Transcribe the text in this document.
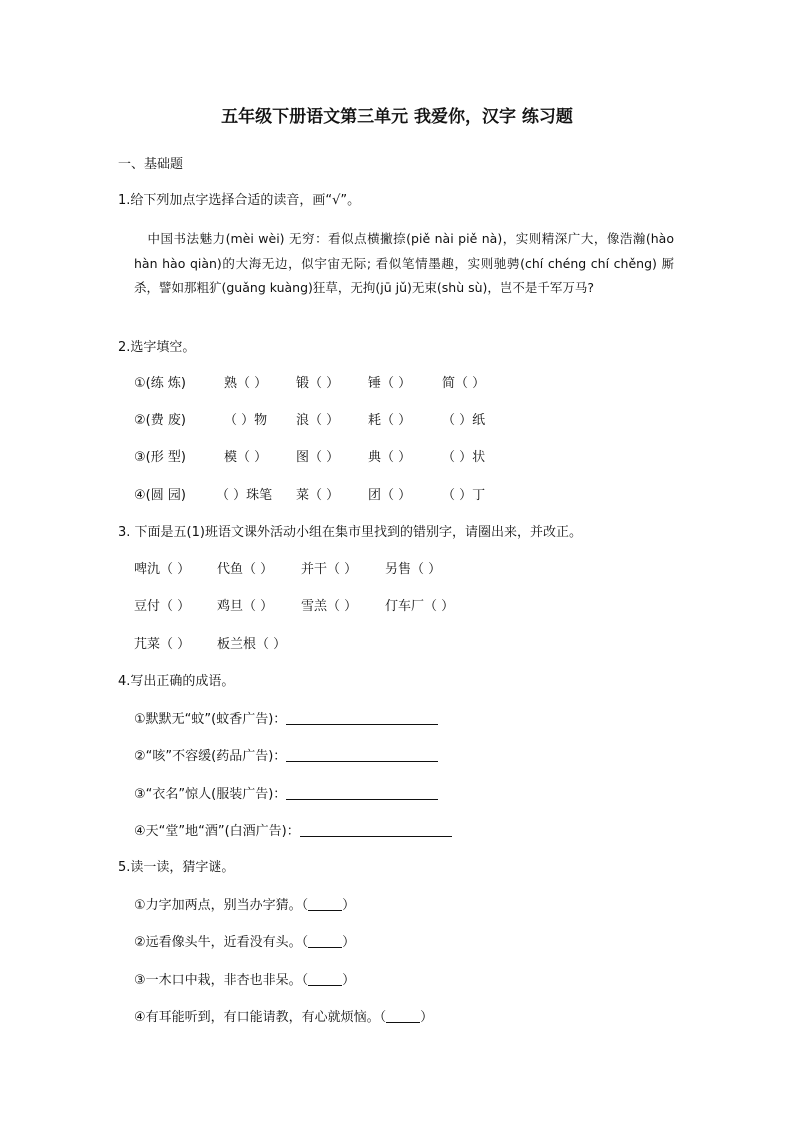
五年级下册语文第三单元 我爱你，汉字 练习题
一、基础题
1.给下列加点字选择合适的读音，画“√”。
中国书法魅力(mèi wèi) 无穷：看似点横撇捺(piě nài piě nà)，实则精深广大，像浩瀚(hào hàn hào qiàn)的大海无边，似宇宙无际; 看似笔情墨趣，实则驰骋(chí chéng chí chěng) 厮杀，譬如那粗犷(guǎng kuàng)狂草，无拘(jū jǔ)无束(shù sù)，岂不是千军万马?
2.选字填空。
①(练 炼)	熟（ ） 锻（ ） 锤（ ） 简（ ）
②(费 废)	（ ）物 浪（ ） 耗（ ） （ ）纸
③(形 型)	模（ ） 图（ ） 典（ ） （ ）状
④(圆 园) （ ）珠笔 菜（ ） 团（ ） （ ）丁
3. 下面是五(1)班语文课外活动小组在集市里找到的错别字，请圈出来，并改正。
啤氿（ ） 代鱼（ ） 并干（ ） 另售（ ）
豆付（ ） 鸡旦（ ） 雪羔（ ） 仃车厂（ ）
芁菜（ ） 板兰根（ ）
4.写出正确的成语。
①默默无“蚊”(蚊香广告)：
②“咳”不容缓(药品广告)：
③“衣名”惊人(服装广告)：
④天“堂”地“酒”(白酒广告)：
5.读一读，猜字谜。
①力字加两点，别当办字猜。（	）
②远看像头牛，近看没有头。（	）
③一木口中栽，非杏也非呆。（	）
④有耳能听到，有口能请教，有心就烦恼。（	）
